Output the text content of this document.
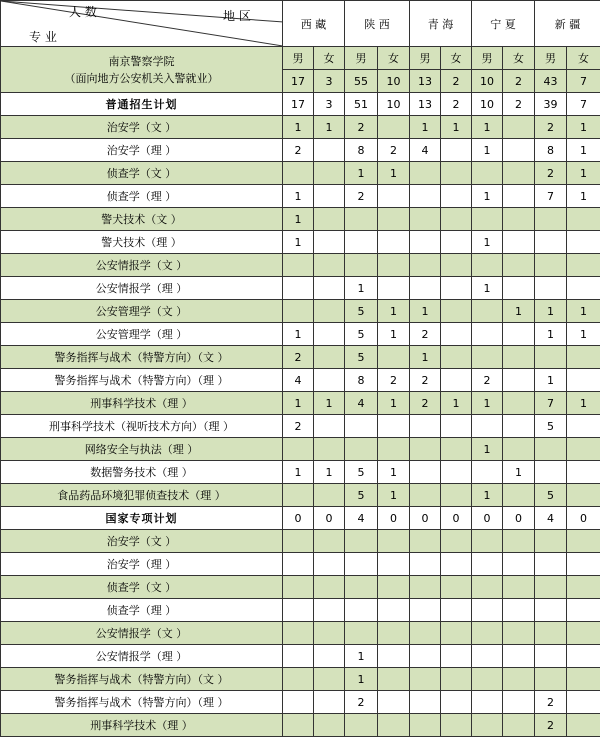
人 数 地 区
专 业	西 藏		陕 西		青 海		宁 夏		新 疆	

南京警察学院
（面向地方公安机关入警就业）	男	女	男	女	男	女	男	女	男	女
	17	3	55	10	13	2	10	2	43	7
普通招生计划	17	3	51	10	13	2	10	2	39	7
治安学（文 ）	1	1	2		1	1	1		2	1
治安学（理 ）	2		8	2	4		1		8	1
侦查学（文 ）			1	1					2	1
侦查学（理 ）	1		2				1		7	1
警犬技术（文 ）	1									
警犬技术（理 ）	1						1			
公安情报学（文 ）										
公安情报学（理 ）			1				1			
公安管理学（文 ）			5	1	1			1	1	1
公安管理学（理 ）	1		5	1	2				1	1
警务指挥与战术（特警方向）（文 ）	2		5		1					
警务指挥与战术（特警方向）（理 ）	4		8	2	2		2		1	
刑事科学技术（理 ）	1	1	4	1	2	1	1		7	1
刑事科学技术（视听技术方向）（理 ）	2								5	
网络安全与执法（理 ）							1			
数据警务技术（理 ）	1	1	5	1				1		
食品药品环境犯罪侦查技术（理 ）			5	1			1		5	
国家专项计划	0	0	4	0	0	0	0	0	4	0
治安学（文 ）										
治安学（理 ）										
侦查学（文 ）										
侦查学（理 ）										
公安情报学（文 ）										
公安情报学（理 ）			1							
警务指挥与战术（特警方向）（文 ）			1							
警务指挥与战术（特警方向）（理 ）			2						2	
刑事科学技术（理 ）									2	
